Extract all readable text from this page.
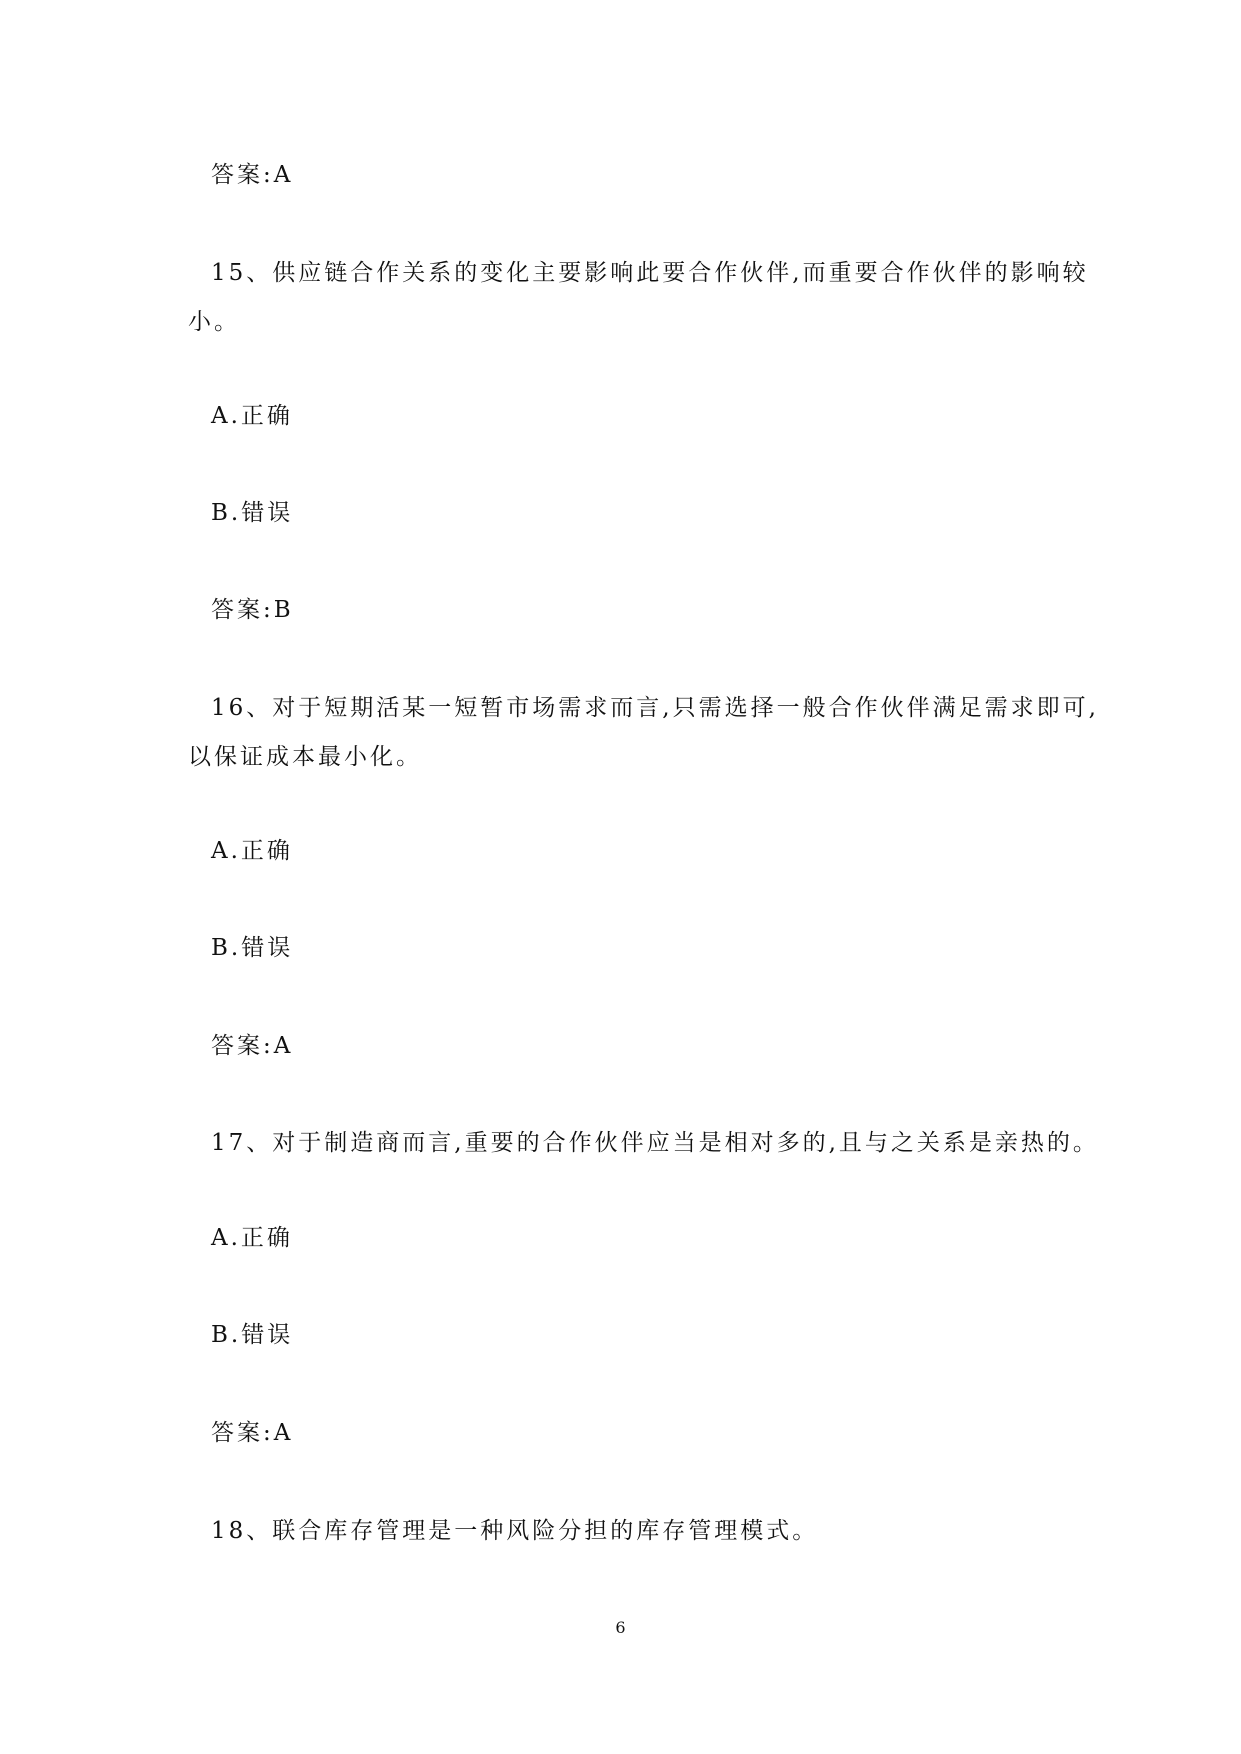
答案:A
15、供应链合作关系的变化主要影响此要合作伙伴,而重要合作伙伴的影响较
小。
A.正确
B.错误
答案:B
16、对于短期活某一短暂市场需求而言,只需选择一般合作伙伴满足需求即可,
以保证成本最小化。
A.正确
B.错误
答案:A
17、对于制造商而言,重要的合作伙伴应当是相对多的,且与之关系是亲热的。
A.正确
B.错误
答案:A
18、联合库存管理是一种风险分担的库存管理模式。
6
